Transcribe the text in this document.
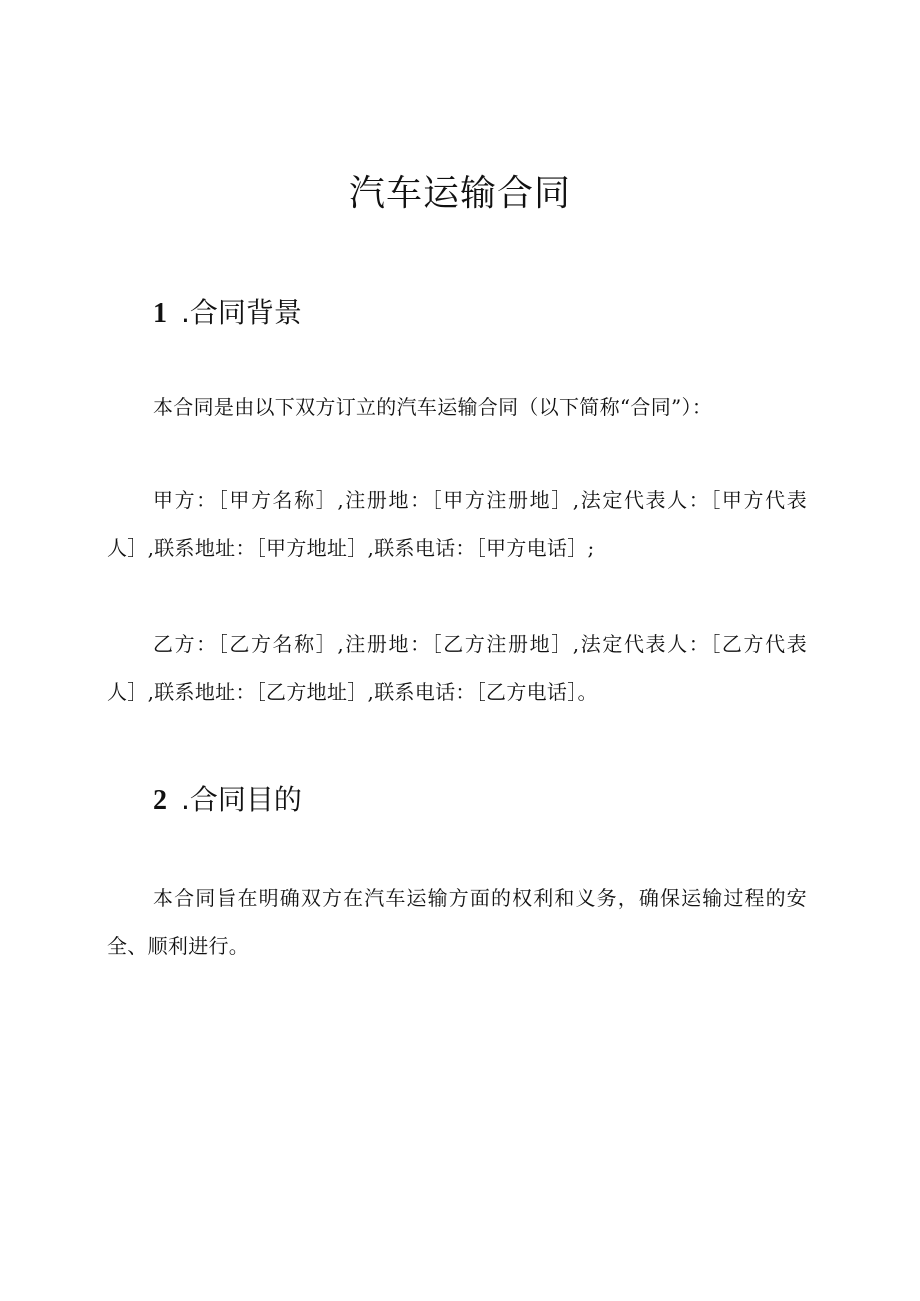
汽车运输合同
1 .合同背景

本合同是由以下双方订立的汽车运输合同（以下简称“合同”）：

甲方：［甲方名称］,注册地：［甲方注册地］,法定代表人：［甲方代表人］,联系地址：［甲方地址］,联系电话：［甲方电话］;

乙方：［乙方名称］,注册地：［乙方注册地］,法定代表人：［乙方代表人］,联系地址：［乙方地址］,联系电话：［乙方电话］。

2 .合同目的

本合同旨在明确双方在汽车运输方面的权利和义务，确保运输过程的安全、顺利进行。
